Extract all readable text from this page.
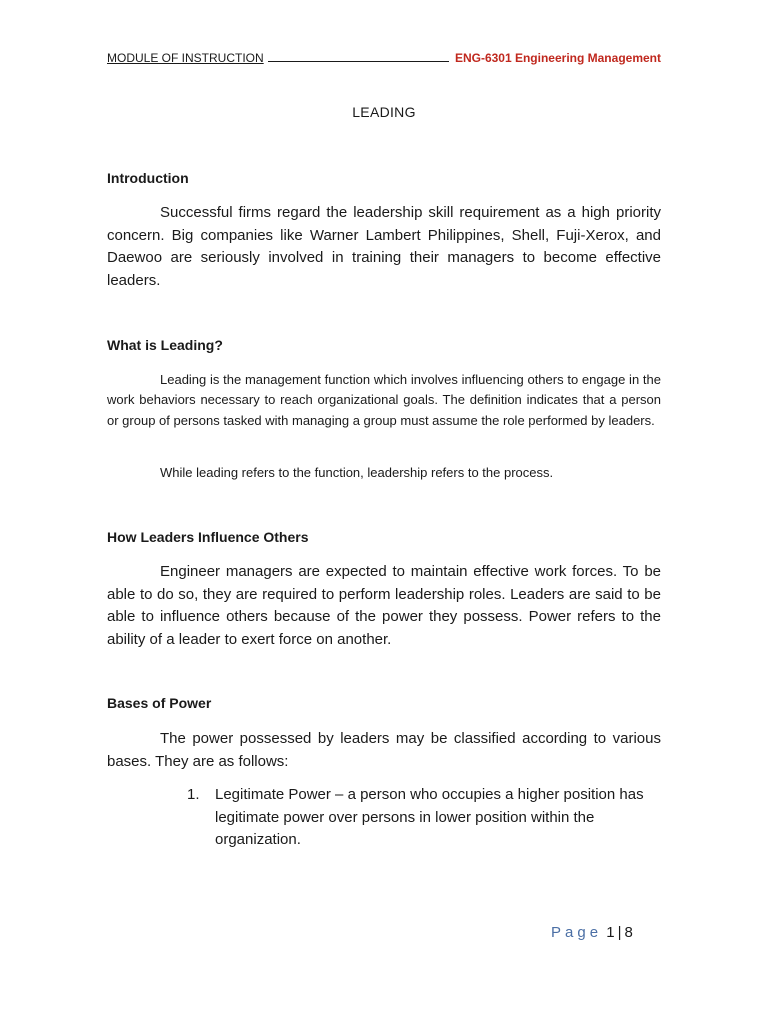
MODULE OF INSTRUCTION	ENG-6301 Engineering Management
LEADING
Introduction

Successful firms regard the leadership skill requirement as a high priority concern. Big companies like Warner Lambert Philippines, Shell, Fuji-Xerox, and Daewoo are seriously involved in training their managers to become effective leaders.

What is Leading?

Leading is the management function which involves influencing others to engage in the work behaviors necessary to reach organizational goals. The definition indicates that a person or group of persons tasked with managing a group must assume the role performed by leaders.

While leading refers to the function, leadership refers to the process.

How Leaders Influence Others

Engineer managers are expected to maintain effective work forces. To be able to do so, they are required to perform leadership roles. Leaders are said to be able to influence others because of the power they possess. Power refers to the ability of a leader to exert force on another.

Bases of Power

The power possessed by leaders may be classified according to various bases. They are as follows:

1.	Legitimate Power – a person who occupies a higher position has legitimate power over persons in lower position within the organization.
Page 1 | 8
